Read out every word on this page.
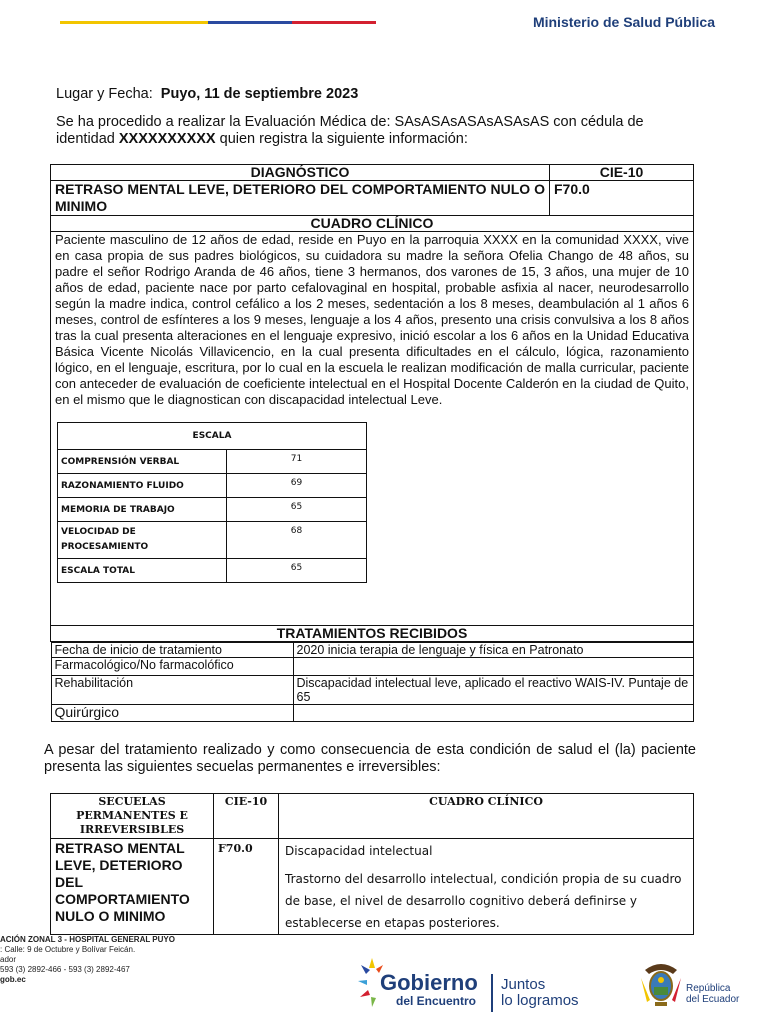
Ministerio de Salud Pública
Lugar y Fecha: Puyo, 11 de septiembre 2023
Se ha procedido a realizar la Evaluación Médica de: SAsASAsASAsASAsAS con cédula de identidad XXXXXXXXXX quien registra la siguiente información:
DIAGNÓSTICO	CIE-10
RETRASO MENTAL LEVE, DETERIORO DEL COMPORTAMIENTO NULO O MINIMO	F70.0
CUADRO CLÍNICO

Paciente masculino de 12 años de edad, reside en Puyo en la parroquia XXXX en la comunidad XXXX, vive en casa propia de sus padres biológicos, su cuidadora su madre la señora Ofelia Chango de 48 años, su padre el señor Rodrigo Aranda de 46 años, tiene 3 hermanos, dos varones de 15, 3 años, una mujer de 10 años de edad, paciente nace por parto cefalovaginal en hospital, probable asfixia al nacer, neurodesarrollo según la madre indica, control cefálico a los 2 meses, sedentación a los 8 meses, deambulación al 1 años 6 meses, control de esfínteres a los 9 meses, lenguaje a los 4 años, presento una crisis convulsiva a los 8 años tras la cual presenta alteraciones en el lenguaje expresivo, inició escolar a los 6 años en la Unidad Educativa Básica Vicente Nicolás Villavicencio, en la cual presenta dificultades en el cálculo, lógica, razonamiento lógico, en el lenguaje, escritura, por lo cual en la escuela le realizan modificación de malla curricular, paciente con anteceder de evaluación de coeficiente intelectual en el Hospital Docente Calderón en la ciudad de Quito, en el mismo que le diagnostican con discapacidad intelectual Leve.
ESCALA
COMPRENSIÓN VERBAL	71
RAZONAMIENTO FLUIDO	69
MEMORIA DE TRABAJO	65
VELOCIDAD DE PROCESAMIENTO	68
ESCALA TOTAL	65

TRATAMIENTOS RECIBIDOS

Fecha de inicio de tratamiento	2020 inicia terapia de lenguaje y física en Patronato
Farmacológico/No farmacolófico	
Rehabilitación	Discapacidad intelectual leve, aplicado el reactivo WAIS-IV. Puntaje de 65
Quirúrgico	
A pesar del tratamiento realizado y como consecuencia de esta condición de salud el (la) paciente presenta las siguientes secuelas permanentes e irreversibles:
SECUELAS PERMANENTES E IRREVERSIBLES	CIE-10	CUADRO CLÍNICO
RETRASO MENTAL LEVE, DETERIORO DEL COMPORTAMIENTO NULO O MINIMO	F70.0	Discapacidad intelectual
Trastorno del desarrollo intelectual, condición propia de su cuadro de base, el nivel de desarrollo cognitivo deberá definirse y establecerse en etapas posteriores.
ACIÓN ZONAL 3 - HOSPITAL GENERAL PUYO
: Calle: 9 de Octubre y Bolívar Feicán.
ador
593 (3) 2892-466 - 593 (3) 2892-467
gob.ec	Gobierno
del Encuentro
Juntos
lo logramos
República
del Ecuador
